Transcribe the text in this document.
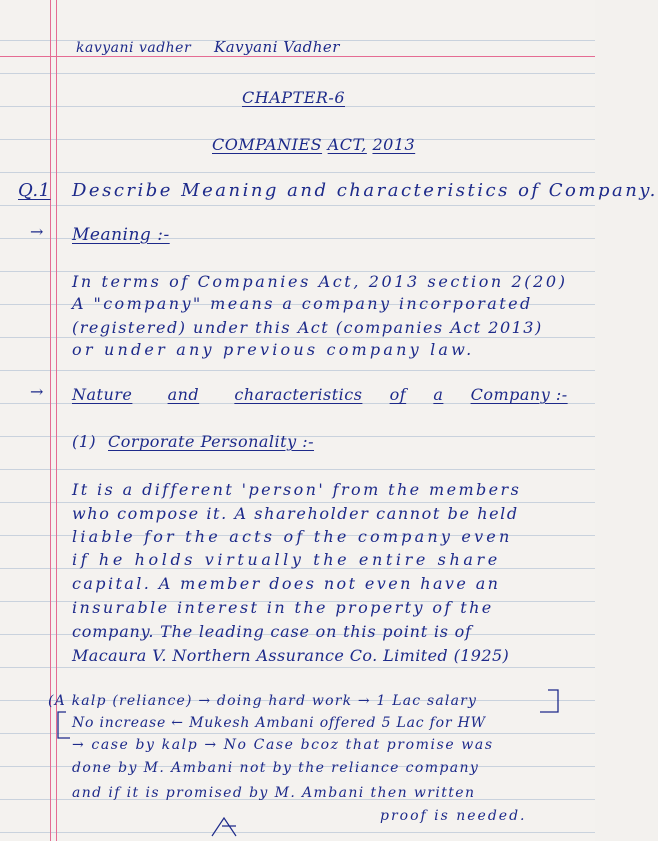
kavyani vadher Kavyani Vadher
CHAPTER-6
COMPANIES ACT, 2013
Q.1 Describe Meaning and characteristics of Company.
→ Meaning :-
In terms of Companies Act, 2013 section 2(20)
A "company" means a company incorporated
(registered) under this Act (companies Act 2013)
or under any previous company law.
→ Nature and characteristics of a Company :-
(1) Corporate Personality :-
It is a different 'person' from the members
who compose it. A shareholder cannot be held
liable for the acts of the company even
if he holds virtually the entire share
capital. A member does not even have an
insurable interest in the property of the
company. The leading case on this point is of
Macaura V. Northern Assurance Co. Limited (1925)
(A kalp (reliance) → doing hard work → 1 Lac salary
No increase ← Mukesh Ambani offered 5 Lac for HW
→ case by kalp → No Case bcoz that promise was
done by M. Ambani not by the reliance company
and if it is promised by M. Ambani then written
proof is needed.
